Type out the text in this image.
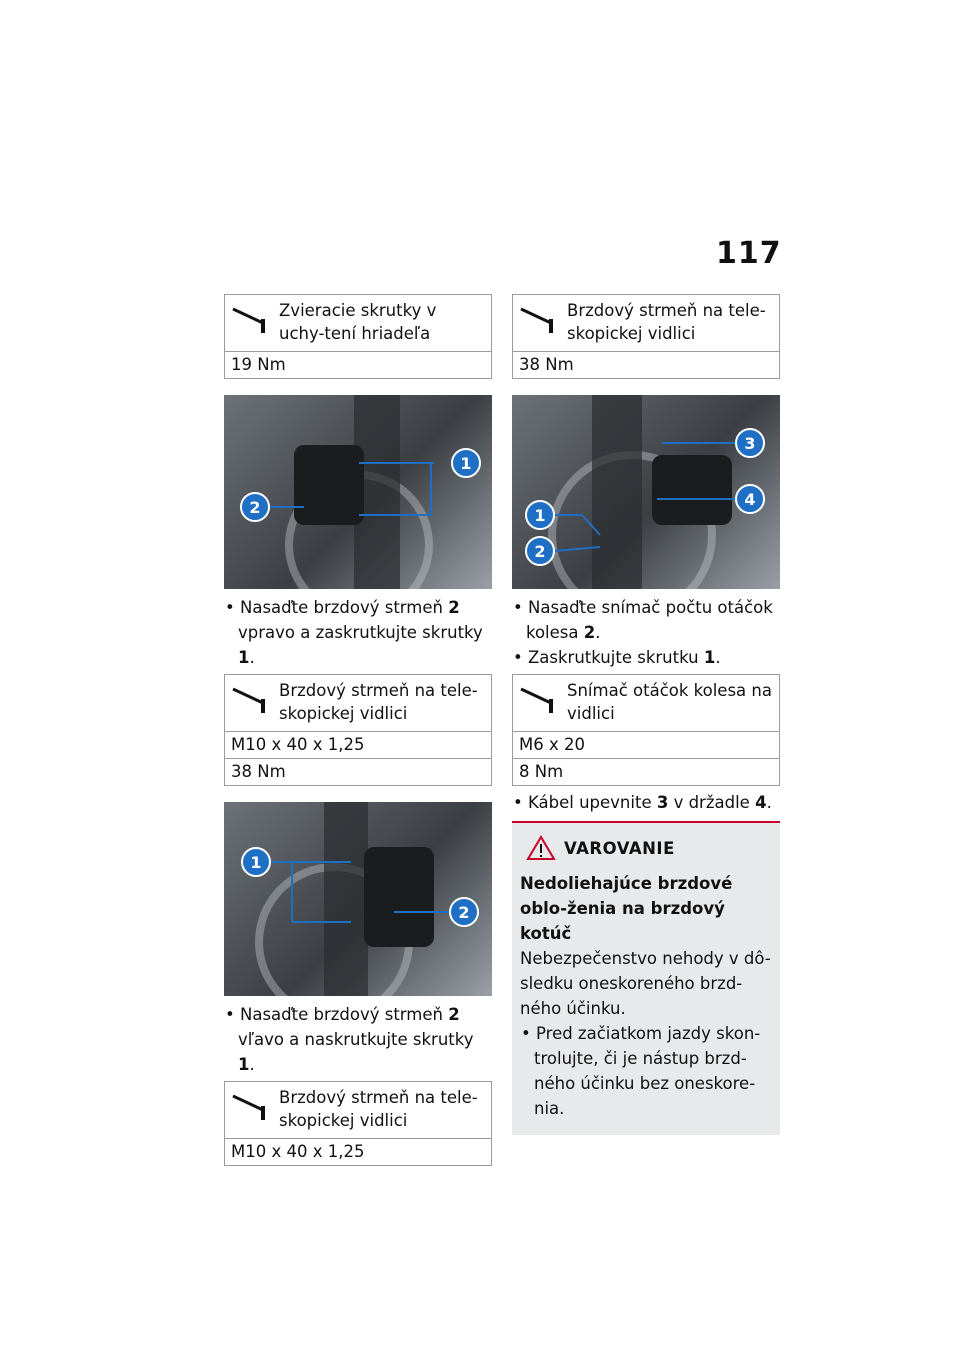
117
Zvieracie skrutky v uchy-tení hriadeľa
19 Nm
1
2

• Nasaďte brzdový strmeň 2 vpravo a zaskrutkujte skrutky 1.

Brzdový strmeň na tele-skopickej vidlici
M10 x 40 x 1,25
38 Nm
1
2

• Nasaďte brzdový strmeň 2 vľavo a naskrutkujte skrutky 1.

Brzdový strmeň na tele-skopickej vidlici
M10 x 40 x 1,25
Brzdový strmeň na tele-skopickej vidlici
38 Nm
1
2
3
4

• Nasaďte snímač počtu otáčok kolesa 2.

• Zaskrutkujte skrutku 1.

Snímač otáčok kolesa na vidlici
M6 x 20
8 Nm

• Kábel upevnite 3 v držadle 4.

VAROVANIE
Nedoliehajúce brzdové oblo-ženia na brzdový kotúč
Nebezpečenstvo nehody v dô-sledku oneskoreného brzd-ného účinku.

• Pred začiatkom jazdy skon-trolujte, či je nástup brzd-ného účinku bez oneskore-nia.
